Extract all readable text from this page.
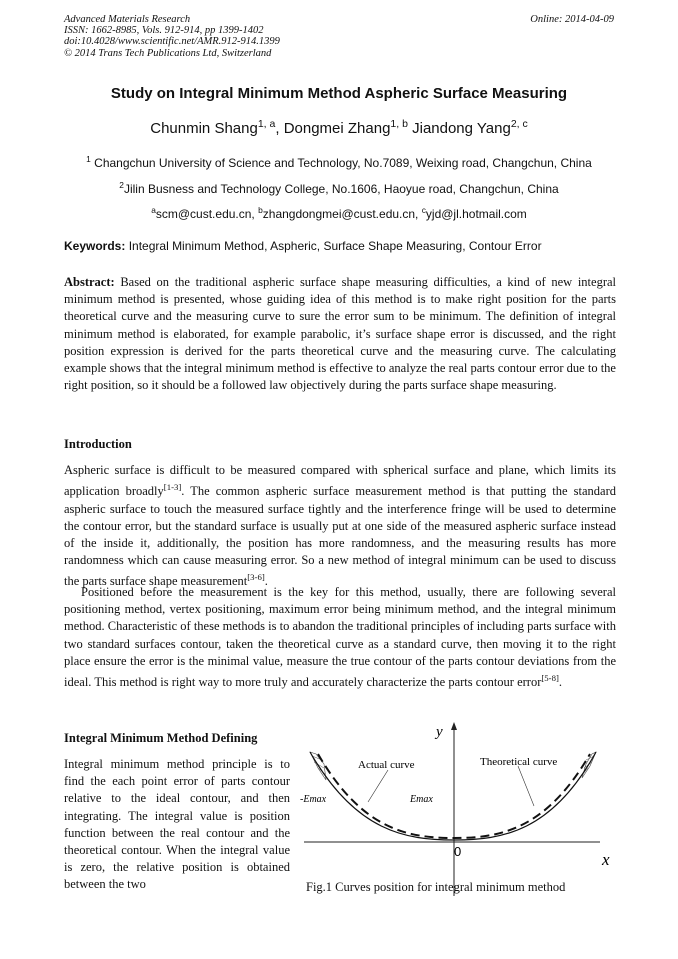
Advanced Materials Research
ISSN: 1662-8985, Vols. 912-914, pp 1399-1402
doi:10.4028/www.scientific.net/AMR.912-914.1399
© 2014 Trans Tech Publications Ltd, Switzerland
Online: 2014-04-09
Study on Integral Minimum Method Aspheric Surface Measuring
Chunmin Shang$^{1, a}$, Dongmei Zhang$^{1, b}$ Jiandong Yang$^{2, c}$
$^1$ Changchun University of Science and Technology, No.7089, Weixing road, Changchun, China
$^2$Jilin Busness and Technology College, No.1606, Haoyue road, Changchun, China
$^a$scm@cust.edu.cn, $^b$zhangdongmei@cust.edu.cn, $^c$yjd@jl.hotmail.com
Keywords: Integral Minimum Method, Aspheric, Surface Shape Measuring, Contour Error
Abstract: Based on the traditional aspheric surface shape measuring difficulties, a kind of new integral minimum method is presented, whose guiding idea of this method is to make right position for the parts theoretical curve and the measuring curve to sure the error sum to be minimum. The definition of integral minimum method is elaborated, for example parabolic, it’s surface shape error is discussed, and the right position expression is derived for the parts theoretical curve and the measuring curve. The calculating example shows that the integral minimum method is effective to analyze the real parts contour error due to the right position, so it should be a followed law objectively during the parts surface shape measuring.
Introduction
Aspheric surface is difficult to be measured compared with spherical surface and plane, which limits its application broadly[1-3]. The common aspheric surface measurement method is that putting the standard aspheric surface to touch the measured surface tightly and the interference fringe will be used to determine the contour error, but the standard surface is usually put at one side of the measured aspheric surface instead of the inside it, additionally, the position has more randomness, and the measuring results has more randomness which can cause measuring error. So a new method of integral minimum can be used to discuss the parts surface shape measurement[3-6].
Positioned before the measurement is the key for this method, usually, there are following several positioning method, vertex positioning, maximum error being minimum method, and the integral minimum method. Characteristic of these methods is to abandon the traditional principles of including parts surface with two standard surfaces contour, taken the theoretical curve as a standard curve, then moving it to the right place ensure the error is the minimal value, measure the true contour of the parts contour deviations from the ideal. This method is right way to more truly and accurately characterize the parts contour error[5-8].
Integral Minimum Method Defining
Integral minimum method principle is to find the each point error of parts contour relative to the ideal contour, and then integrating. The integral value is position function between the real contour and the theoretical contour. When the integral value is zero, the relative position is obtained between the two
y
x
0
Actual curve	Theoretical curve
-Emax	Emax
Fig.1 Curves position for integral minimum method
